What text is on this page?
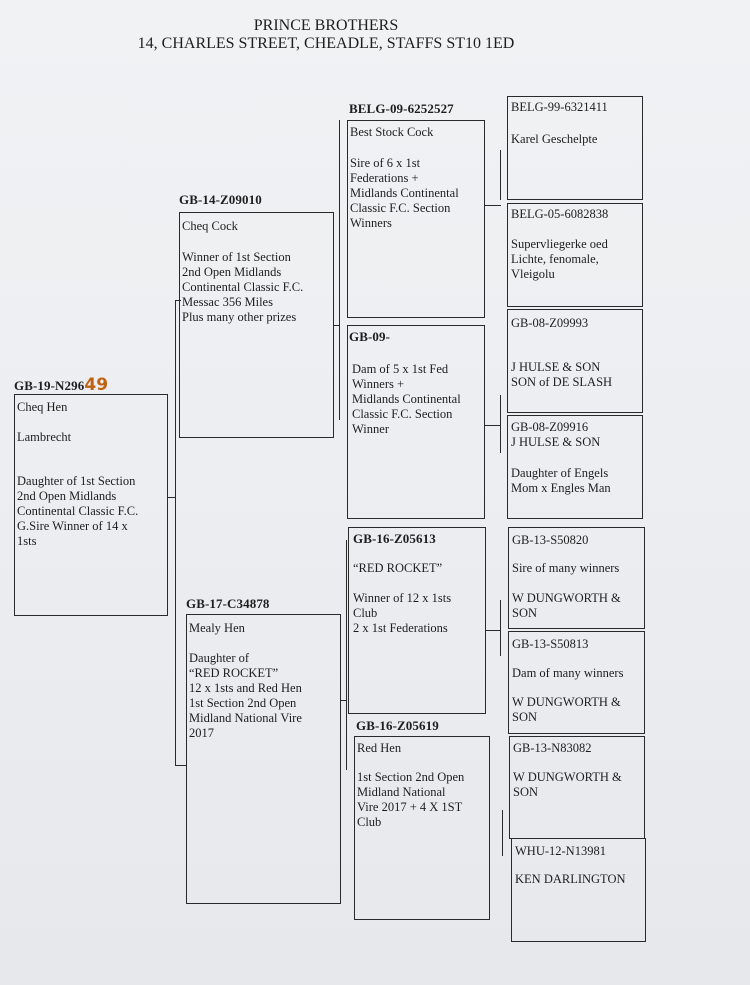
PRINCE BROTHERS
14, CHARLES STREET, CHEADLE, STAFFS ST10 1ED
GB-19-N29649
Cheq Hen
Lambrecht
Daughter of 1st Section
2nd Open Midlands
Continental Classic F.C.
G.Sire Winner of 14 x
1sts
GB-14-Z09010
Cheq Cock
Winner of 1st Section
2nd Open Midlands
Continental Classic F.C.
Messac 356 Miles
Plus many other prizes
GB-17-C34878
Mealy Hen
Daughter of
“RED ROCKET”
12 x 1sts and Red Hen
1st Section 2nd Open
Midland National Vire
2017
BELG-09-6252527
Best Stock Cock
Sire of 6 x 1st
Federations +
Midlands Continental
Classic F.C. Section
Winners
GB-09-
Dam of 5 x 1st Fed
Winners +
Midlands Continental
Classic F.C. Section
Winner
GB-16-Z05613
“RED ROCKET”
Winner of 12 x 1sts
Club
2 x 1st Federations
GB-16-Z05619
Red Hen
1st Section 2nd Open
Midland National
Vire 2017 + 4 X 1ST
Club
BELG-99-6321411
Karel Geschelpte
BELG-05-6082838
Supervliegerke oed
Lichte, fenomale,
Vleigolu
GB-08-Z09993
J HULSE & SON
SON of DE SLASH
GB-08-Z09916
J HULSE & SON
Daughter of Engels
Mom x Engles Man
GB-13-S50820
Sire of many winners
W DUNGWORTH &
SON
GB-13-S50813
Dam of many winners
W DUNGWORTH &
SON
GB-13-N83082
W DUNGWORTH &
SON
WHU-12-N13981
KEN DARLINGTON
